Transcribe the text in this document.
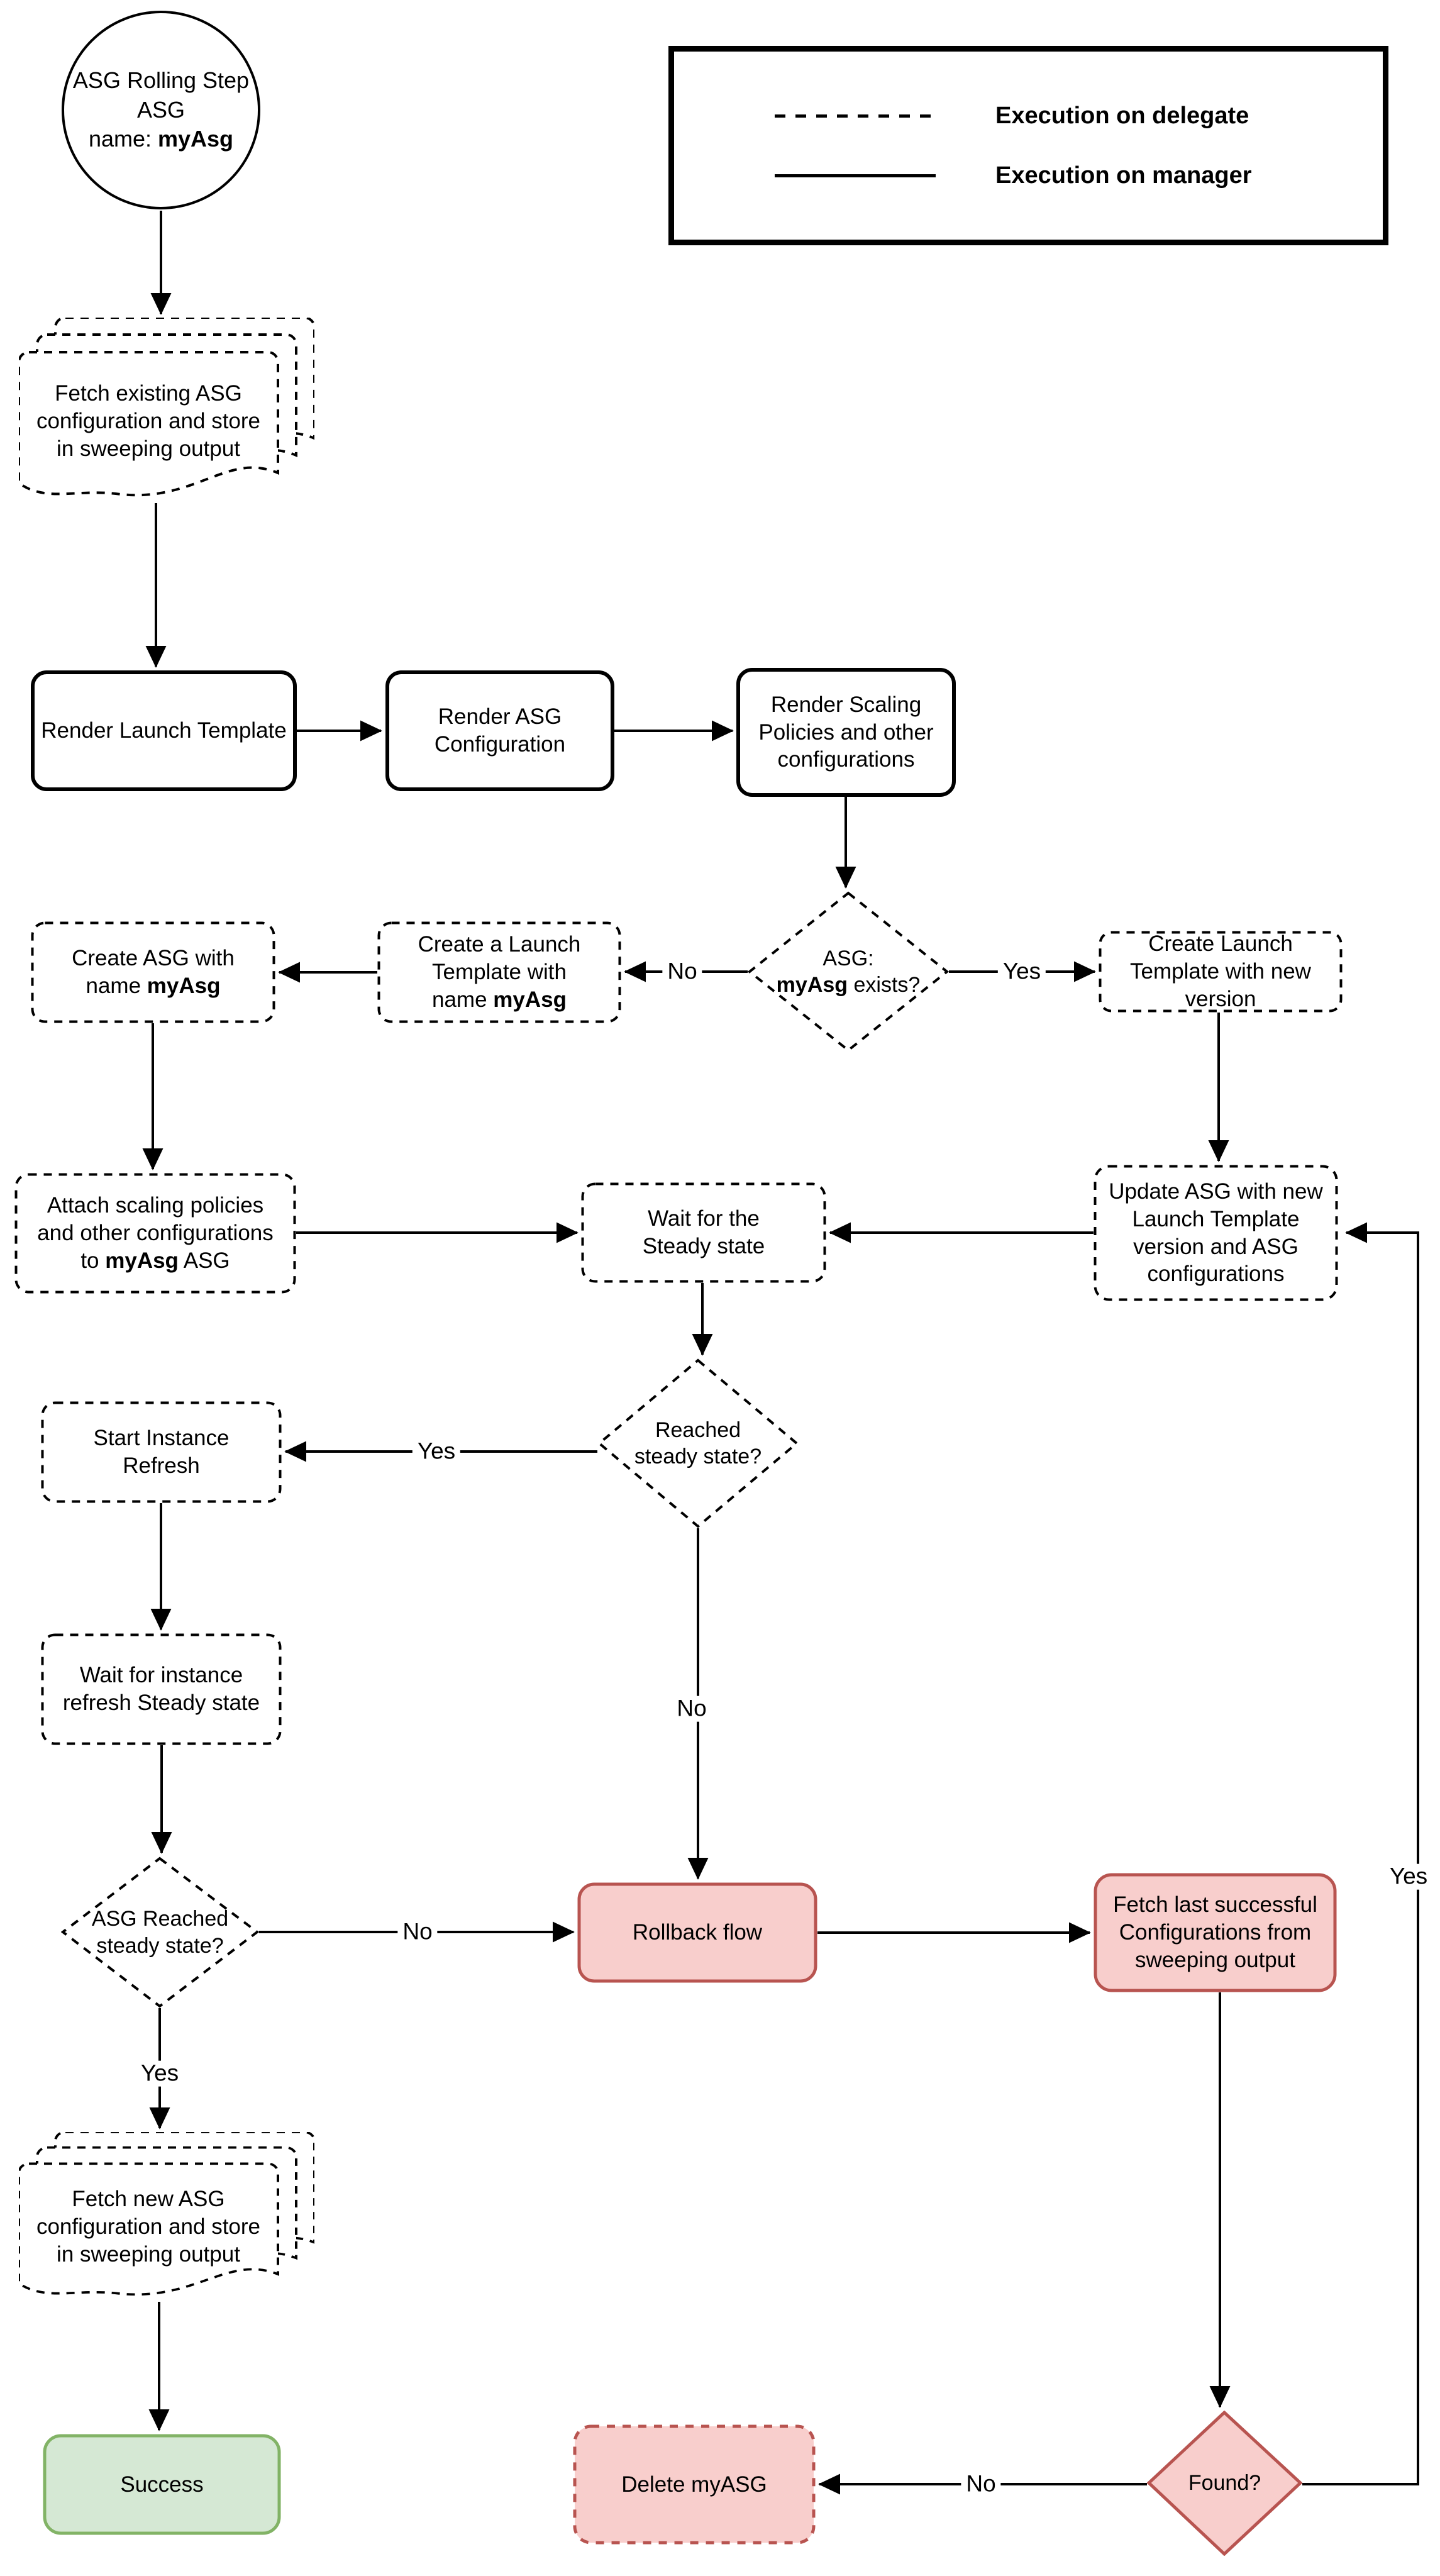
ASG Rolling Step
ASG
name: myAsg
Execution on delegate
Execution on manager
Fetch existing ASG configuration and store in sweeping output
Render Launch Template
Render ASG Configuration
Render Scaling Policies and other configurations
ASG:
myAsg exists?
Create a Launch Template with name myAsg
Create ASG with name myAsg
Create Launch Template with new version
Attach scaling policies and other configurations to myAsg ASG
Wait for the Steady state
Update ASG with new Launch Template version and ASG configurations
Reached steady state?
Start Instance Refresh
Wait for instance refresh Steady state
ASG Reached steady state?
Rollback flow
Fetch last successful Configurations from sweeping output
Fetch new ASG configuration and store in sweeping output
Success	Delete myASG	Found?
No	Yes
Yes
No
No
Yes
No
Yes
